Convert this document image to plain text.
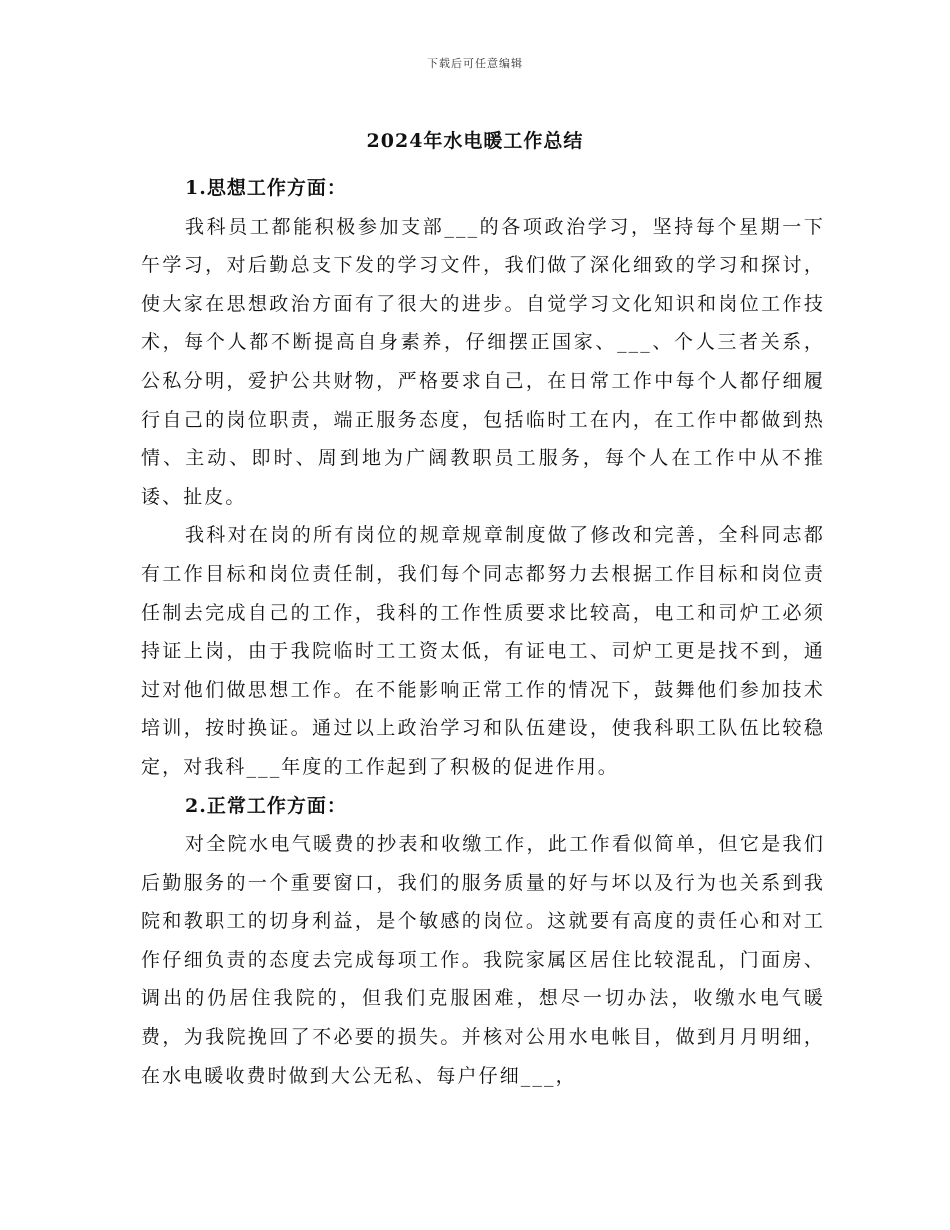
下载后可任意编辑
2024年水电暖工作总结

1.思想工作方面：

我科员工都能积极参加支部___的各项政治学习，坚持每个星期一下午学习，对后勤总支下发的学习文件，我们做了深化细致的学习和探讨，使大家在思想政治方面有了很大的进步。自觉学习文化知识和岗位工作技术，每个人都不断提高自身素养，仔细摆正国家、___、个人三者关系，公私分明，爱护公共财物，严格要求自己，在日常工作中每个人都仔细履行自己的岗位职责，端正服务态度，包括临时工在内，在工作中都做到热情、主动、即时、周到地为广阔教职员工服务，每个人在工作中从不推诿、扯皮。

我科对在岗的所有岗位的规章规章制度做了修改和完善，全科同志都有工作目标和岗位责任制，我们每个同志都努力去根据工作目标和岗位责任制去完成自己的工作，我科的工作性质要求比较高，电工和司炉工必须持证上岗，由于我院临时工工资太低，有证电工、司炉工更是找不到，通过对他们做思想工作。在不能影响正常工作的情况下，鼓舞他们参加技术培训，按时换证。通过以上政治学习和队伍建设，使我科职工队伍比较稳定，对我科___年度的工作起到了积极的促进作用。

2.正常工作方面：

对全院水电气暖费的抄表和收缴工作，此工作看似简单，但它是我们后勤服务的一个重要窗口，我们的服务质量的好与坏以及行为也关系到我院和教职工的切身利益，是个敏感的岗位。这就要有高度的责任心和对工作仔细负责的态度去完成每项工作。我院家属区居住比较混乱，门面房、调出的仍居住我院的，但我们克服困难，想尽一切办法，收缴水电气暖费，为我院挽回了不必要的损失。并核对公用水电帐目，做到月月明细，在水电暖收费时做到大公无私、每户仔细___，
